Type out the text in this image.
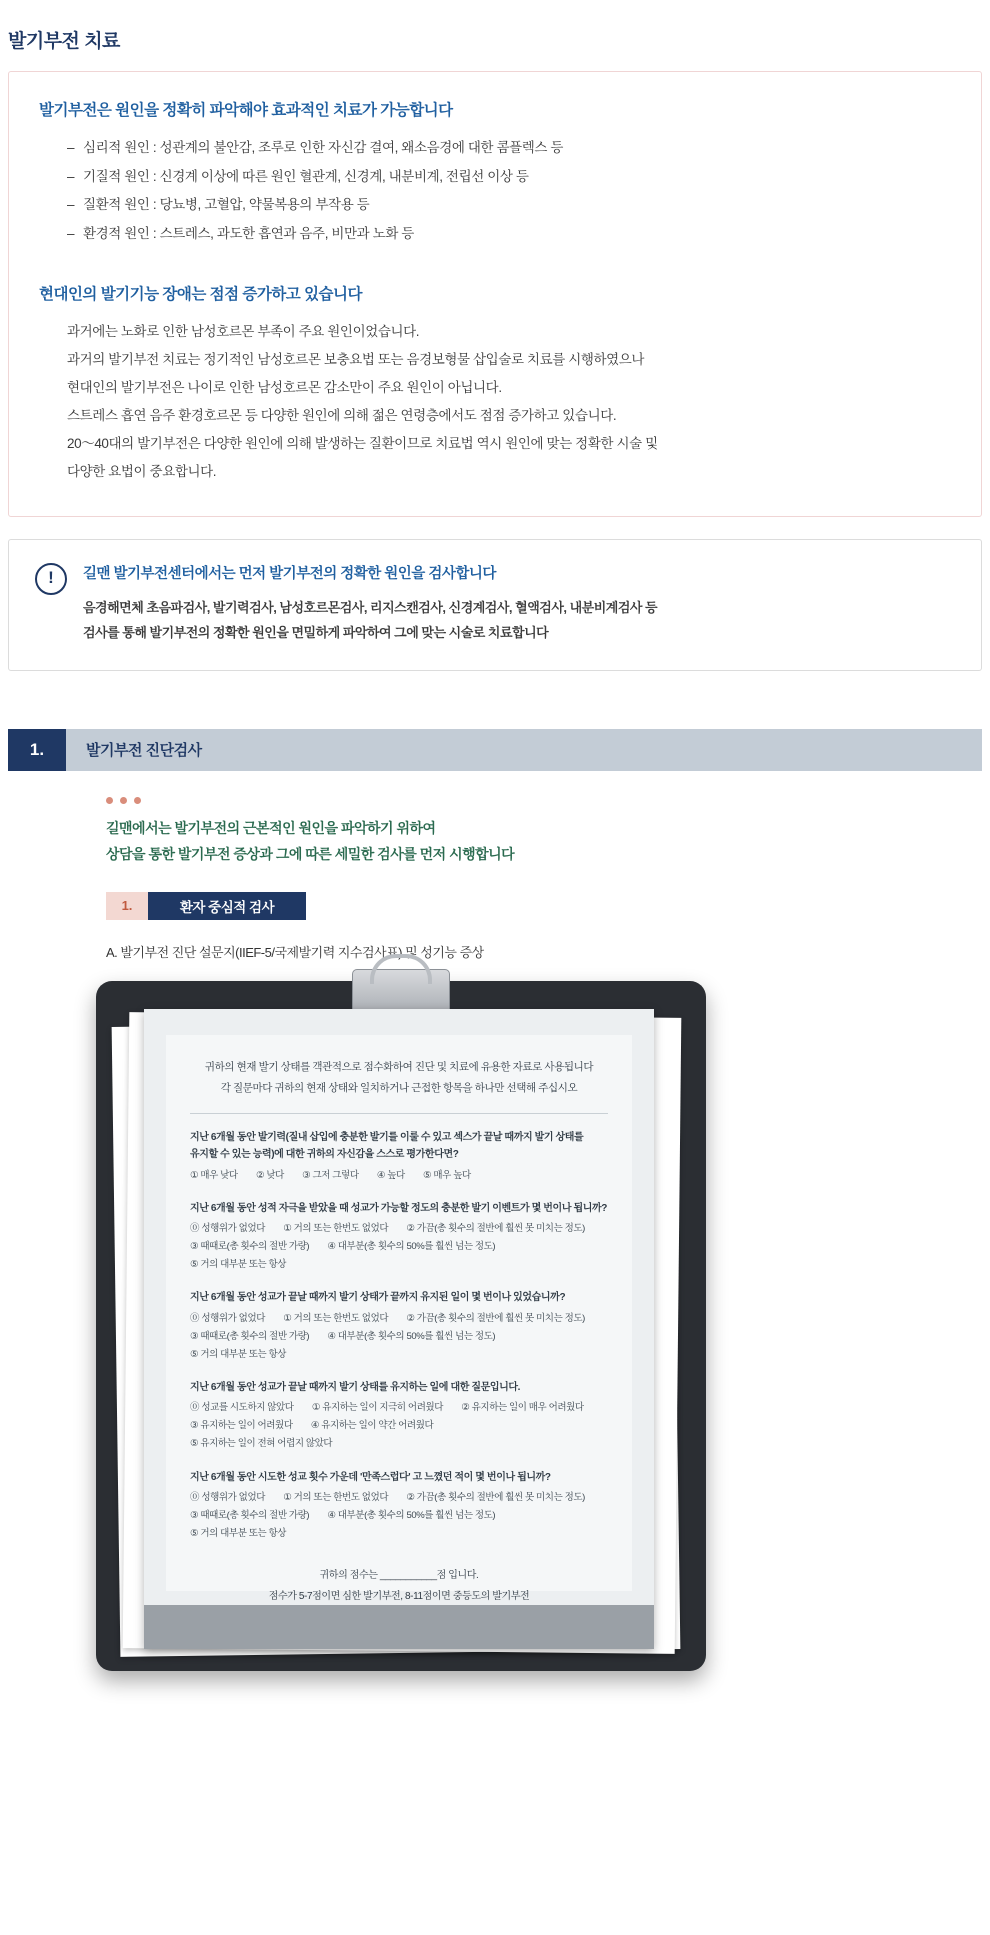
발기부전 치료
발기부전은 원인을 정확히 파악해야 효과적인 치료가 가능합니다
– 심리적 원인 : 성관계의 불안감, 조루로 인한 자신감 결여, 왜소음경에 대한 콤플렉스 등
– 기질적 원인 : 신경계 이상에 따른 원인 혈관계, 신경계, 내분비계, 전립선 이상 등
– 질환적 원인 : 당뇨병, 고혈압, 약물복용의 부작용 등
– 환경적 원인 : 스트레스, 과도한 흡연과 음주, 비만과 노화 등
현대인의 발기기능 장애는 점점 증가하고 있습니다
과거에는 노화로 인한 남성호르몬 부족이 주요 원인이었습니다.
과거의 발기부전 치료는 정기적인 남성호르몬 보충요법 또는 음경보형물 삽입술로 치료를 시행하였으나
현대인의 발기부전은 나이로 인한 남성호르몬 감소만이 주요 원인이 아닙니다.
스트레스 흡연 음주 환경호르몬 등 다양한 원인에 의해 젊은 연령층에서도 점점 증가하고 있습니다.
20～40대의 발기부전은 다양한 원인에 의해 발생하는 질환이므로 치료법 역시 원인에 맞는 정확한 시술 및
다양한 요법이 중요합니다.
!	길맨 발기부전센터에서는 먼저 발기부전의 정확한 원인을 검사합니다
음경해면체 초음파검사, 발기력검사, 남성호르몬검사, 리지스캔검사, 신경계검사, 혈액검사, 내분비계검사 등
검사를 통해 발기부전의 정확한 원인을 면밀하게 파악하여 그에 맞는 시술로 치료합니다
1.	발기부전 진단검사
길맨에서는 발기부전의 근본적인 원인을 파악하기 위하여
상담을 통한 발기부전 증상과 그에 따른 세밀한 검사를 먼저 시행합니다
1.	환자 중심적 검사
A. 발기부전 진단 설문지(IIEF-5/국제발기력 지수검사표) 및 성기능 증상
귀하의 현재 발기 상태를 객관적으로 점수화하여 진단 및 치료에 유용한 자료로 사용됩니다
각 질문마다 귀하의 현재 상태와 일치하거나 근접한 항목을 하나만 선택해 주십시오
지난 6개월 동안 발기력(질내 삽입에 충분한 발기를 이룰 수 있고 섹스가 끝날 때까지 발기 상태를
유지할 수 있는 능력)에 대한 귀하의 자신감을 스스로 평가한다면?
① 매우 낮다 ② 낮다 ③ 그저 그렇다 ④ 높다 ⑤ 매우 높다
지난 6개월 동안 성적 자극을 받았을 때 성교가 가능할 정도의 충분한 발기 이벤트가 몇 번이나 됩니까?
⓪ 성행위가 없었다 ① 거의 또는 한번도 없었다 ② 가끔(총 횟수의 절반에 훨씬 못 미치는 정도)
③ 때때로(총 횟수의 절반 가량) ④ 대부분(총 횟수의 50%를 훨씬 넘는 정도) ⑤ 거의 대부분 또는 항상
지난 6개월 동안 성교가 끝날 때까지 발기 상태가 끝까지 유지된 일이 몇 번이나 있었습니까?
⓪ 성행위가 없었다 ① 거의 또는 한번도 없었다 ② 가끔(총 횟수의 절반에 훨씬 못 미치는 정도)
③ 때때로(총 횟수의 절반 가량) ④ 대부분(총 횟수의 50%를 훨씬 넘는 정도) ⑤ 거의 대부분 또는 항상
지난 6개월 동안 성교가 끝날 때까지 발기 상태를 유지하는 일에 대한 질문입니다.
⓪ 성교를 시도하지 않았다 ① 유지하는 일이 지극히 어려웠다 ② 유지하는 일이 매우 어려웠다
③ 유지하는 일이 어려웠다 ④ 유지하는 일이 약간 어려웠다 ⑤ 유지하는 일이 전혀 어렵지 않았다
지난 6개월 동안 시도한 성교 횟수 가운데 '만족스럽다' 고 느꼈던 적이 몇 번이나 됩니까?
⓪ 성행위가 없었다 ① 거의 또는 한번도 없었다 ② 가끔(총 횟수의 절반에 훨씬 못 미치는 정도)
③ 때때로(총 횟수의 절반 가량) ④ 대부분(총 횟수의 50%를 훨씬 넘는 정도) ⑤ 거의 대부분 또는 항상
귀하의 점수는 ___________점 입니다.
점수가 5-7점이면 심한 발기부전, 8-11점이면 중등도의 발기부전
